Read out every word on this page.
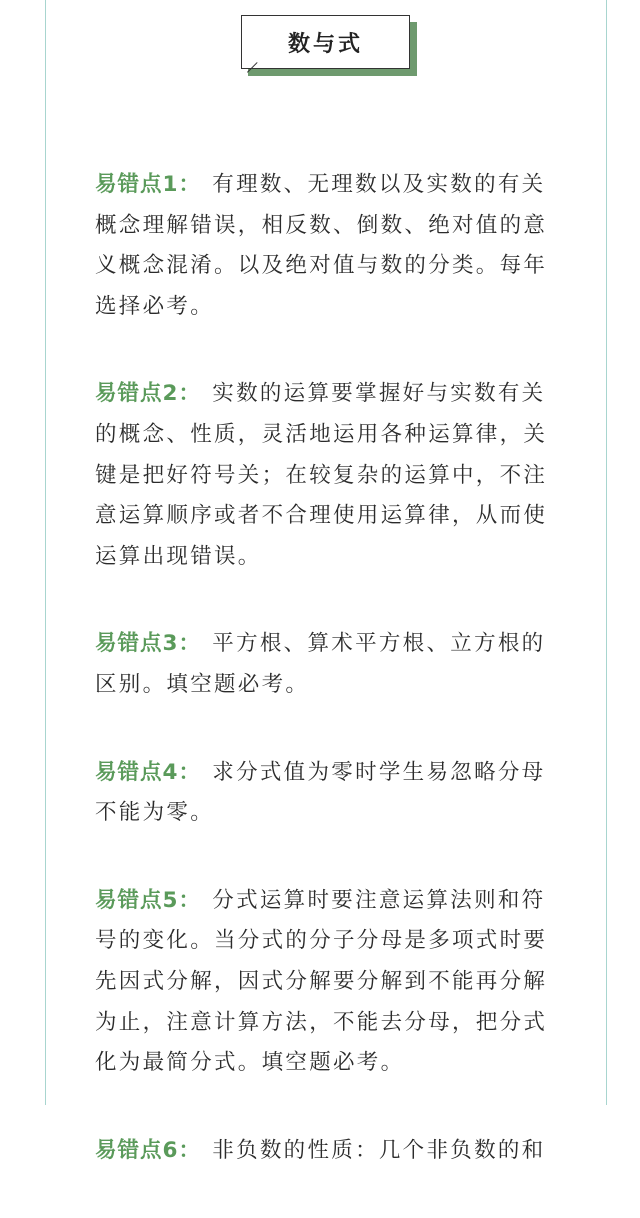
数与式

易错点1： 有理数、无理数以及实数的有关概念理解错误，相反数、倒数、绝对值的意义概念混淆。以及绝对值与数的分类。每年选择必考。

易错点2： 实数的运算要掌握好与实数有关的概念、性质，灵活地运用各种运算律，关键是把好符号关；在较复杂的运算中，不注意运算顺序或者不合理使用运算律，从而使运算出现错误。

易错点3： 平方根、算术平方根、立方根的区别。填空题必考。

易错点4： 求分式值为零时学生易忽略分母不能为零。

易错点5： 分式运算时要注意运算法则和符号的变化。当分式的分子分母是多项式时要先因式分解，因式分解要分解到不能再分解为止，注意计算方法，不能去分母，把分式化为最简分式。填空题必考。

易错点6： 非负数的性质：几个非负数的和
